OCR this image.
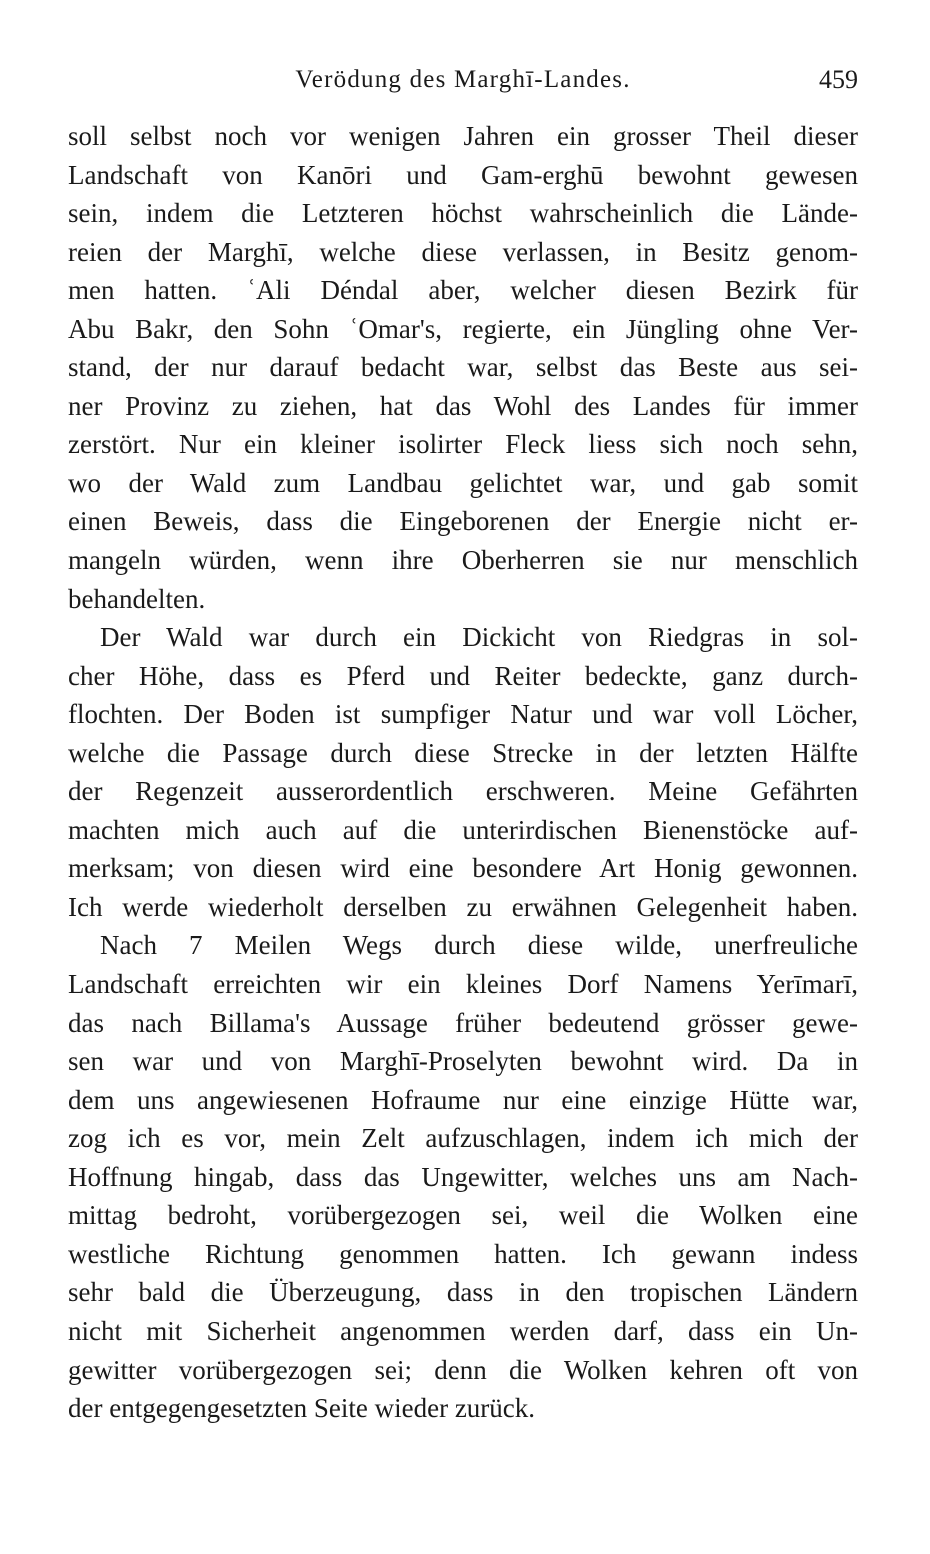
Verödung des Marghī-Landes.	459
soll selbst noch vor wenigen Jahren ein grosser Theil dieser
Landschaft von Kanōri und Gam-erghū bewohnt gewesen
sein, indem die Letzteren höchst wahrscheinlich die Lände-
reien der Marghī, welche diese verlassen, in Besitz genom-
men hatten. ʿAli Déndal aber, welcher diesen Bezirk für
Abu Bakr, den Sohn ʿOmar's, regierte, ein Jüngling ohne Ver-
stand, der nur darauf bedacht war, selbst das Beste aus sei-
ner Provinz zu ziehen, hat das Wohl des Landes für immer
zerstört. Nur ein kleiner isolirter Fleck liess sich noch sehn,
wo der Wald zum Landbau gelichtet war, und gab somit
einen Beweis, dass die Eingeborenen der Energie nicht er-
mangeln würden, wenn ihre Oberherren sie nur menschlich
behandelten.
Der Wald war durch ein Dickicht von Riedgras in sol-
cher Höhe, dass es Pferd und Reiter bedeckte, ganz durch-
flochten. Der Boden ist sumpfiger Natur und war voll Löcher,
welche die Passage durch diese Strecke in der letzten Hälfte
der Regenzeit ausserordentlich erschweren. Meine Gefährten
machten mich auch auf die unterirdischen Bienenstöcke auf-
merksam; von diesen wird eine besondere Art Honig gewonnen.
Ich werde wiederholt derselben zu erwähnen Gelegenheit haben.
Nach 7 Meilen Wegs durch diese wilde, unerfreuliche
Landschaft erreichten wir ein kleines Dorf Namens Yerīmarī,
das nach Billama's Aussage früher bedeutend grösser gewe-
sen war und von Marghī-Proselyten bewohnt wird. Da in
dem uns angewiesenen Hofraume nur eine einzige Hütte war,
zog ich es vor, mein Zelt aufzuschlagen, indem ich mich der
Hoffnung hingab, dass das Ungewitter, welches uns am Nach-
mittag bedroht, vorübergezogen sei, weil die Wolken eine
westliche Richtung genommen hatten. Ich gewann indess
sehr bald die Überzeugung, dass in den tropischen Ländern
nicht mit Sicherheit angenommen werden darf, dass ein Un-
gewitter vorübergezogen sei; denn die Wolken kehren oft von
der entgegengesetzten Seite wieder zurück.
